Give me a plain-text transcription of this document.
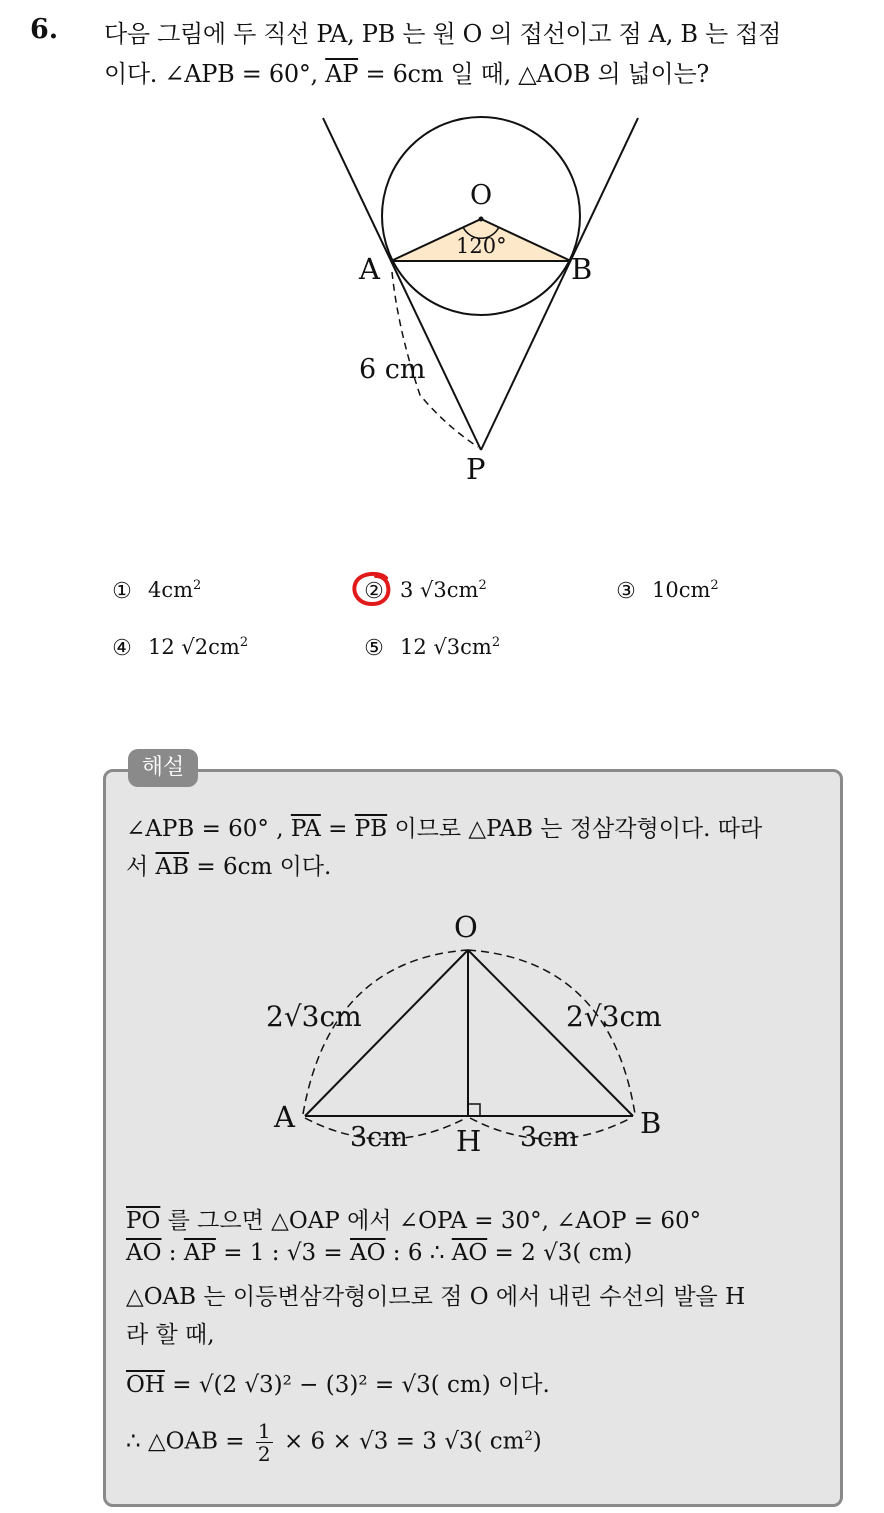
6. 다음 그림에 두 직선 PA, PB 는 원 O 의 접선이고 점 A, B 는 접점
이다. ∠APB = 60°, $\overline{AP} = 6cm$ 일 때, △AOB 의 넓이는?
O
120°
A	B
6 cm
P
① $4cm^2$	② 3 $√3cm^2$	③ $10cm^2$
④ 12 $√2cm^2$	⑤ 12 $√3cm^2$
해설
∠APB = 60° , $\overline{PA} = \overline{PB}$ 이므로 △PAB 는 정삼각형이다. 따라
서 $\overline{AB} = 6cm$ 이다.
O
2√3cm	2√3cm
A	B
H
3cm	3cm
$\overline{PO}$ 를 그으면 △OAP 에서 ∠OPA = 30°, ∠AOP = 60°
$\overline{AO}$ : $\overline{AP} = 1$ : $√3 = \overline{AO}$ : 6 ∴ $\overline{AO} = 2$ √3( cm)
△OAB 는 이등변삼각형이므로 점 O 에서 내린 수선의 발을 H
라 할 때,
$\overline{OH} = √(2$ √3)² − (3)² = √3( cm) 이다.
∴ △OAB = $\frac{1}{2} \times 6 \times √3 = 3$ √3( $cm^2$)
